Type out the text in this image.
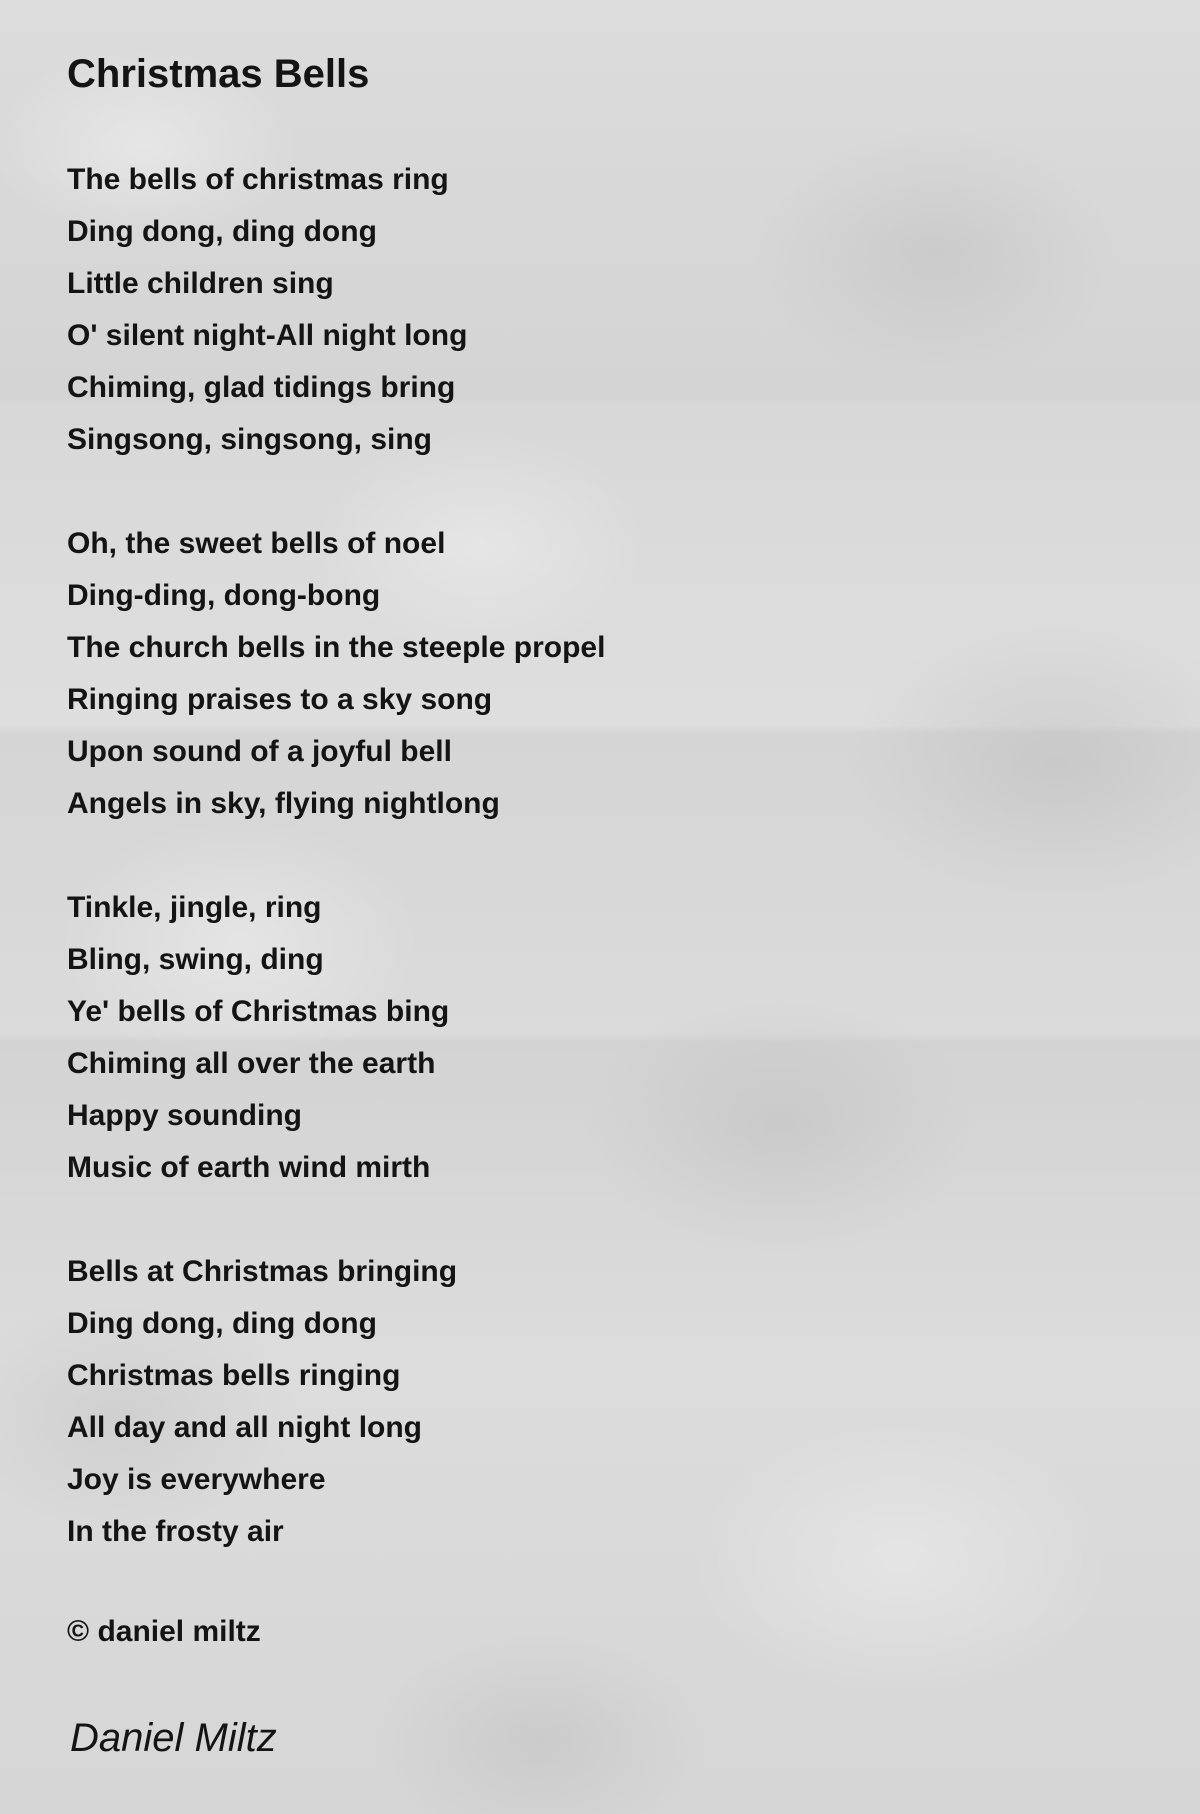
Christmas Bells
The bells of christmas ring
Ding dong, ding dong
Little children sing
O' silent night-All night long
Chiming, glad tidings bring
Singsong, singsong, sing
Oh, the sweet bells of noel
Ding-ding, dong-bong
The church bells in the steeple propel
Ringing praises to a sky song
Upon sound of a joyful bell
Angels in sky, flying nightlong
Tinkle, jingle, ring
Bling, swing, ding
Ye' bells of Christmas bing
Chiming all over the earth
Happy sounding
Music of earth wind mirth
Bells at Christmas bringing
Ding dong, ding dong
Christmas bells ringing
All day and all night long
Joy is everywhere
In the frosty air
© daniel miltz
Daniel Miltz
